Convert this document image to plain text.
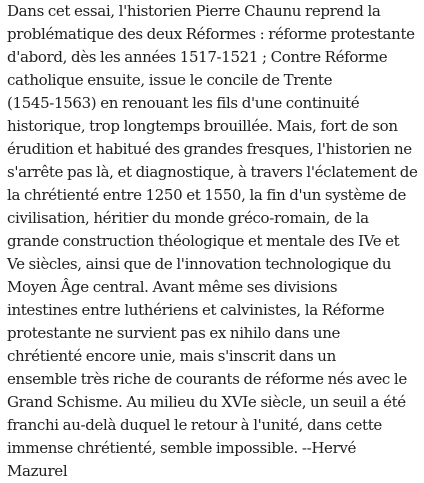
Dans cet essai, l'historien Pierre Chaunu reprend la
problématique des deux Réformes : réforme protestante
d'abord, dès les années 1517-1521 ; Contre Réforme
catholique ensuite, issue le concile de Trente
(1545-1563) en renouant les fils d'une continuité
historique, trop longtemps brouillée. Mais, fort de son
érudition et habitué des grandes fresques, l'historien ne
s'arrête pas là, et diagnostique, à travers l'éclatement de
la chrétienté entre 1250 et 1550, la fin d'un système de
civilisation, héritier du monde gréco-romain, de la
grande construction théologique et mentale des IVe et
Ve siècles, ainsi que de l'innovation technologique du
Moyen Âge central. Avant même ses divisions
intestines entre luthériens et calvinistes, la Réforme
protestante ne survient pas ex nihilo dans une
chrétienté encore unie, mais s'inscrit dans un
ensemble très riche de courants de réforme nés avec le
Grand Schisme. Au milieu du XVIe siècle, un seuil a été
franchi au-delà duquel le retour à l'unité, dans cette
immense chrétienté, semble impossible. --Hervé
Mazurel
